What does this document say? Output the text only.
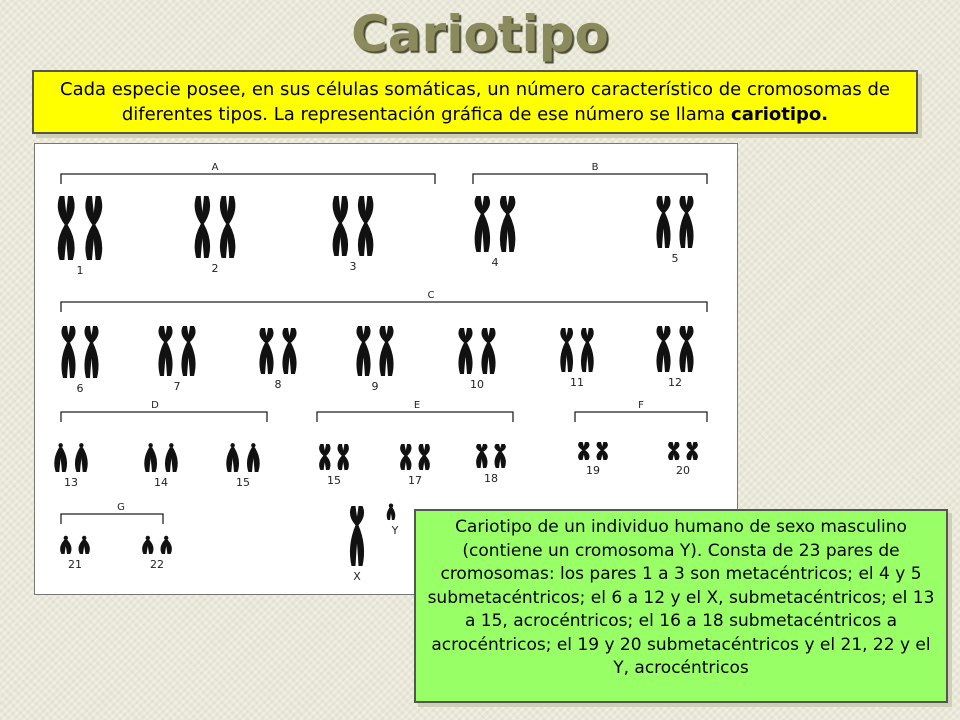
Cariotipo
Cada especie posee, en sus células somáticas, un número característico de cromosomas de diferentes tipos. La representación gráfica de ese número se llama cariotipo.
A
1	2	3
B
4	5
C
6	7	8	9	10	11	12
D
13	14	15
E
15	17	18
F
19	20
G
21	22
X
Y	Cariotipo de un individuo humano de sexo masculino (contiene un cromosoma Y). Consta de 23 pares de cromosomas: los pares 1 a 3 son metacéntricos; el 4 y 5 submetacéntricos; el 6 a 12 y el X, submetacéntricos; el 13 a 15, acrocéntricos; el 16 a 18 submetacéntricos a acrocéntricos; el 19 y 20 submetacéntricos y el 21, 22 y el Y, acrocéntricos
